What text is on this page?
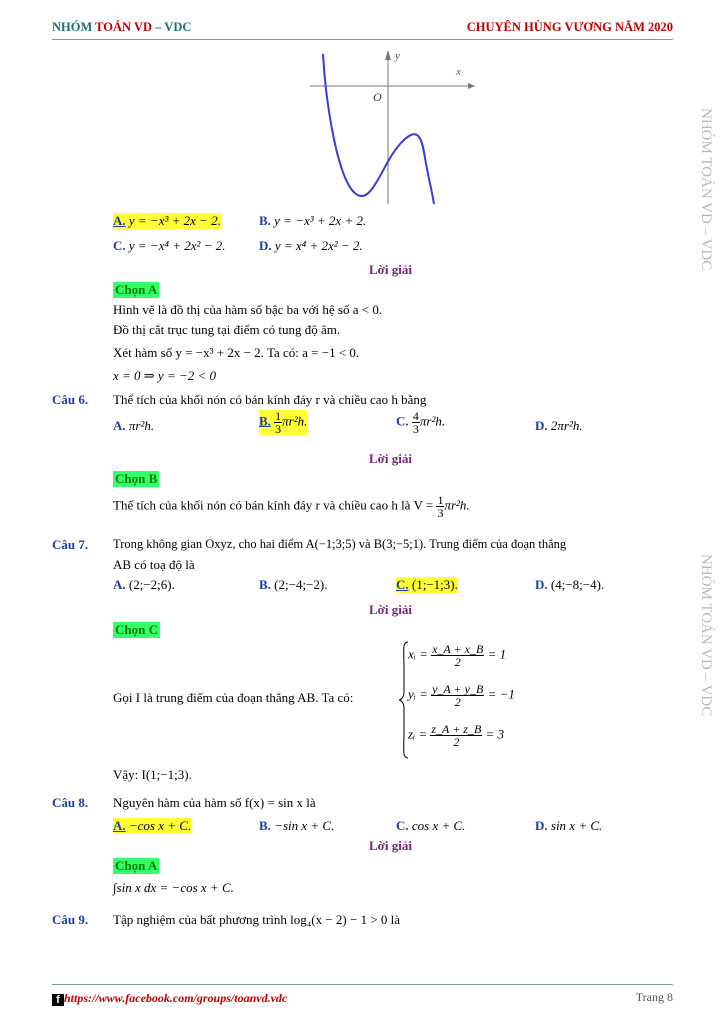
NHÓM TOÁN VD – VDC	CHUYÊN HÙNG VƯƠNG NĂM 2020
NHÓM TOÁN VD – VDC
NHÓM TOÁN VD – VDC
y
x
O
A. y = −x³ + 2x − 2.	B. y = −x³ + 2x + 2.
C. y = −x⁴ + 2x² − 2.	D. y = x⁴ + 2x² − 2.
Lời giải
Chọn A
Hình vẽ là đồ thị của hàm số bậc ba với hệ số a < 0.
Đồ thị cắt trục tung tại điểm có tung độ âm.
Xét hàm số y = −x³ + 2x − 2. Ta có: a = −1 < 0.
x = 0 ⇒ y = −2 < 0
Câu 6. Thể tích của khối nón có bán kính đáy r và chiều cao h bằng
A. πr²h.	B. $\frac{1}{3} \pi r^2h$.	C. $\frac{4}{3} \pi r^2h$.	D. 2πr²h.
Lời giải
Chọn B
Thể tích của khối nón có bán kính đáy r và chiều cao h là $V = \frac{1}{3} \pi r^2h$.
Câu 7. Trong không gian Oxyz, cho hai điểm A(−1;3;5) và B(3;−5;1). Trung điểm của đoạn thẳng
AB có toạ độ là
A. (2;−2;6).	B. (2;−4;−2).	C. (1;−1;3).	D. (4;−8;−4).
Lời giải
Chọn C
Gọi I là trung điểm của đoạn thẳng AB. Ta có:
xᵢ = $\frac{x\_A + x\_B}{2} = 1$
yᵢ = $\frac{y\_A + y\_B}{2} = -1$
zᵢ = $\frac{z\_A + z\_B}{2} = 3$
Vậy: I(1;−1;3).
Câu 8. Nguyên hàm của hàm số f(x) = sin x là
A. −cos x + C.	B. −sin x + C.	C. cos x + C.	D. sin x + C.
Lời giải
Chọn A
∫sin x dx = −cos x + C.
Câu 9. Tập nghiệm của bất phương trình log₄(x − 2) − 1 > 0 là
f https://www.facebook.com/groups/toanvd.vdc	Trang 8
